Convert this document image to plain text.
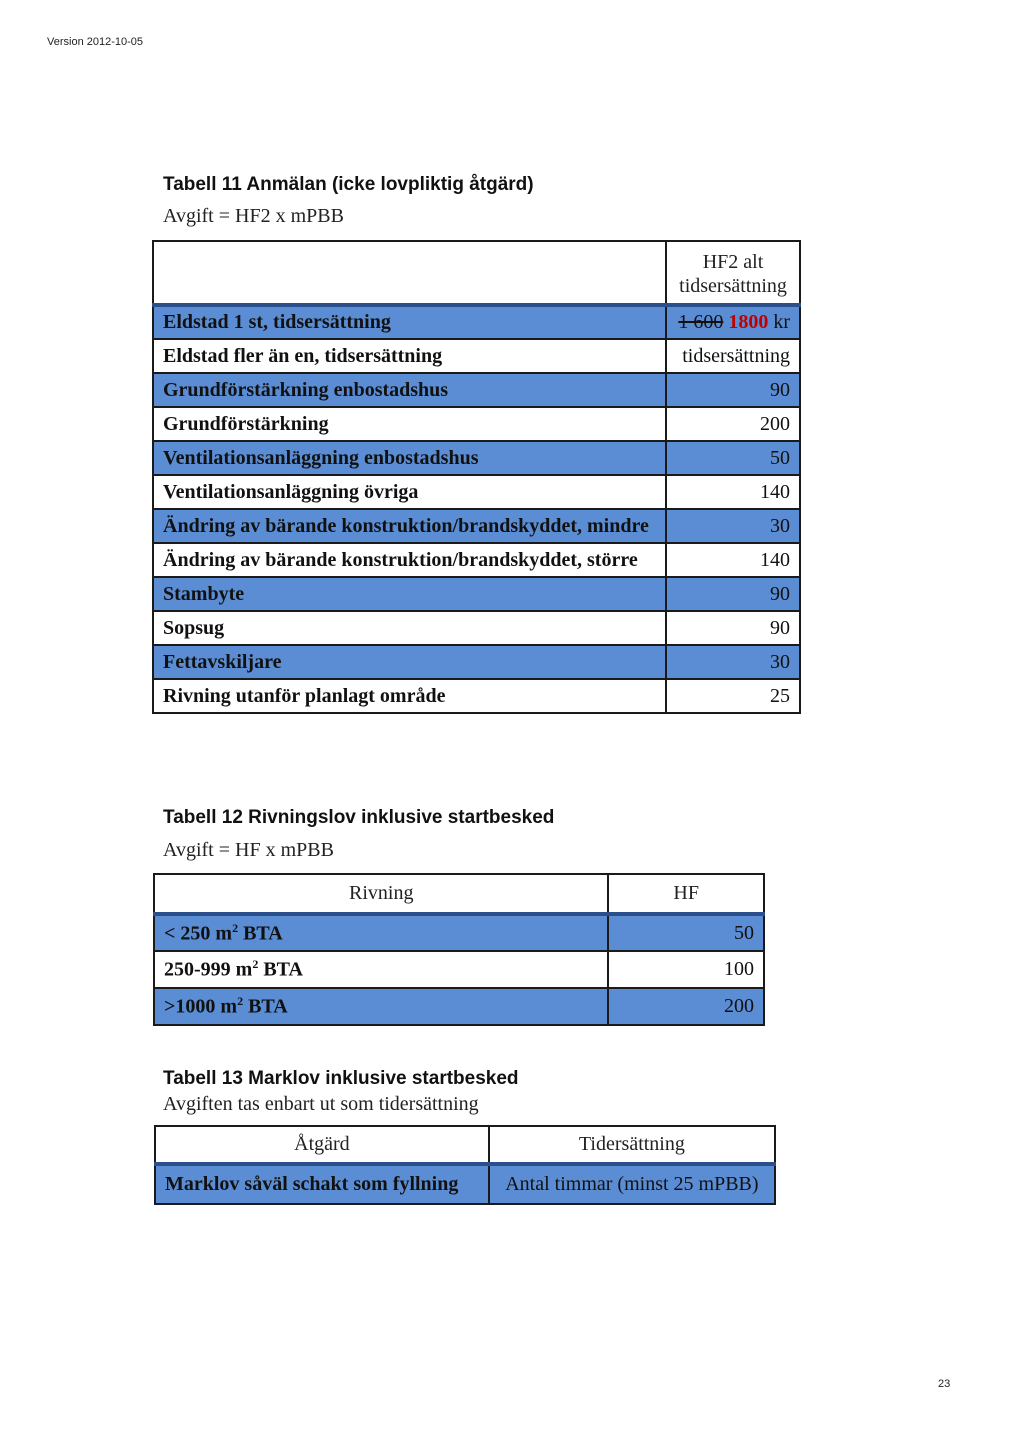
Version 2012-10-05
Tabell 11 Anmälan (icke lovpliktig åtgärd)
Avgift = HF2 x mPBB
	HF2 alt
tidsersättning
Eldstad 1 st, tidsersättning	1 600 1800 kr
Eldstad fler än en, tidsersättning	tidsersättning
Grundförstärkning enbostadshus	90
Grundförstärkning	200
Ventilationsanläggning enbostadshus	50
Ventilationsanläggning övriga	140
Ändring av bärande konstruktion/brandskyddet, mindre	30
Ändring av bärande konstruktion/brandskyddet, större	140
Stambyte	90
Sopsug	90
Fettavskiljare	30
Rivning utanför planlagt område	25
Tabell 12 Rivningslov inklusive startbesked
Avgift = HF x mPBB
Rivning	HF
< 250 $m^2$ BTA	50
250-999 $m^2$ BTA	100
>1000 $m^2$ BTA	200
Tabell 13 Marklov inklusive startbesked
Avgiften tas enbart ut som tidersättning
Åtgärd	Tidersättning
Marklov såväl schakt som fyllning	Antal timmar (minst 25 mPBB)
23
